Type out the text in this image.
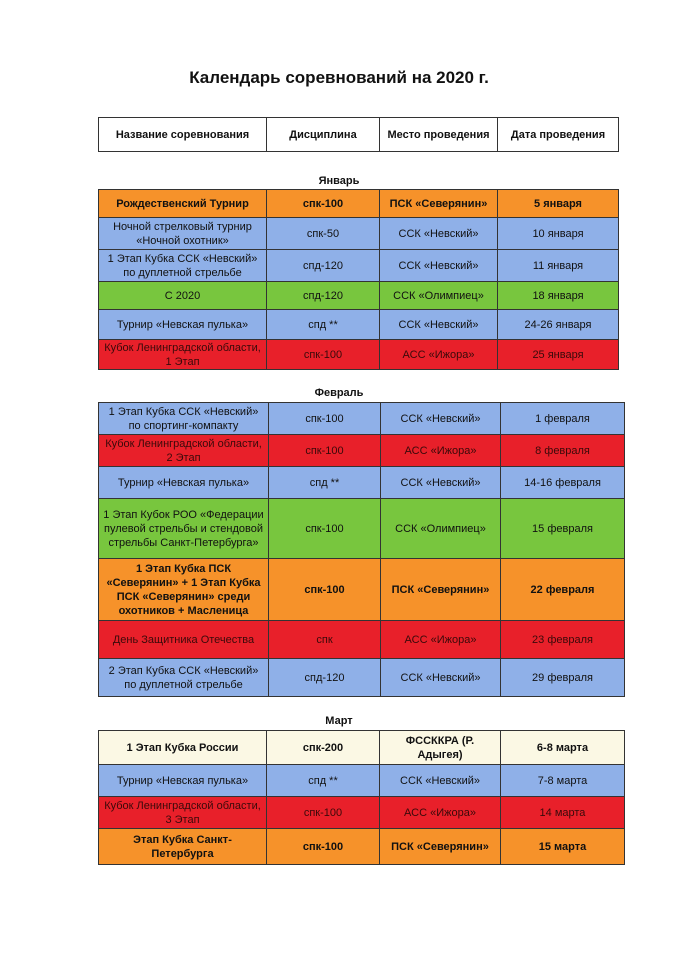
Календарь соревнований на 2020 г.
Название соревнования	Дисциплина	Место проведения	Дата проведения
Январь
Рождественский Турнир	спк-100	ПСК «Северянин»	5 января
Ночной стрелковый турнир «Ночной охотник»	спк-50	ССК «Невский»	10 января
1 Этап Кубка ССК «Невский» по дуплетной стрельбе	спд-120	ССК «Невский»	11 января
С 2020	спд-120	ССК «Олимпиец»	18 января
Турнир «Невская пулька»	спд **	ССК «Невский»	24-26 января
Кубок Ленинградской области, 1 Этап	спк-100	АСС «Ижора»	25 января
Февраль
1 Этап Кубка ССК «Невский» по спортинг-компакту	спк-100	ССК «Невский»	1 февраля
Кубок Ленинградской области, 2 Этап	спк-100	АСС «Ижора»	8 февраля
Турнир «Невская пулька»	спд **	ССК «Невский»	14-16 февраля
1 Этап Кубок РОО «Федерации пулевой стрельбы и стендовой стрельбы Санкт-Петербурга»	спк-100	ССК «Олимпиец»	15 февраля
1 Этап Кубка ПСК «Северянин» + 1 Этап Кубка ПСК «Северянин» среди охотников + Масленица	спк-100	ПСК «Северянин»	22 февраля
День Защитника Отечества	спк	АСС «Ижора»	23 февраля
2 Этап Кубка ССК «Невский» по дуплетной стрельбе	спд-120	ССК «Невский»	29 февраля
Март
1 Этап Кубка России	спк-200	ФССККРА (Р. Адыгея)	6-8 марта
Турнир «Невская пулька»	спд **	ССК «Невский»	7-8 марта
Кубок Ленинградской области, 3 Этап	спк-100	АСС «Ижора»	14 марта
Этап Кубка Санкт-Петербурга	спк-100	ПСК «Северянин»	15 марта
